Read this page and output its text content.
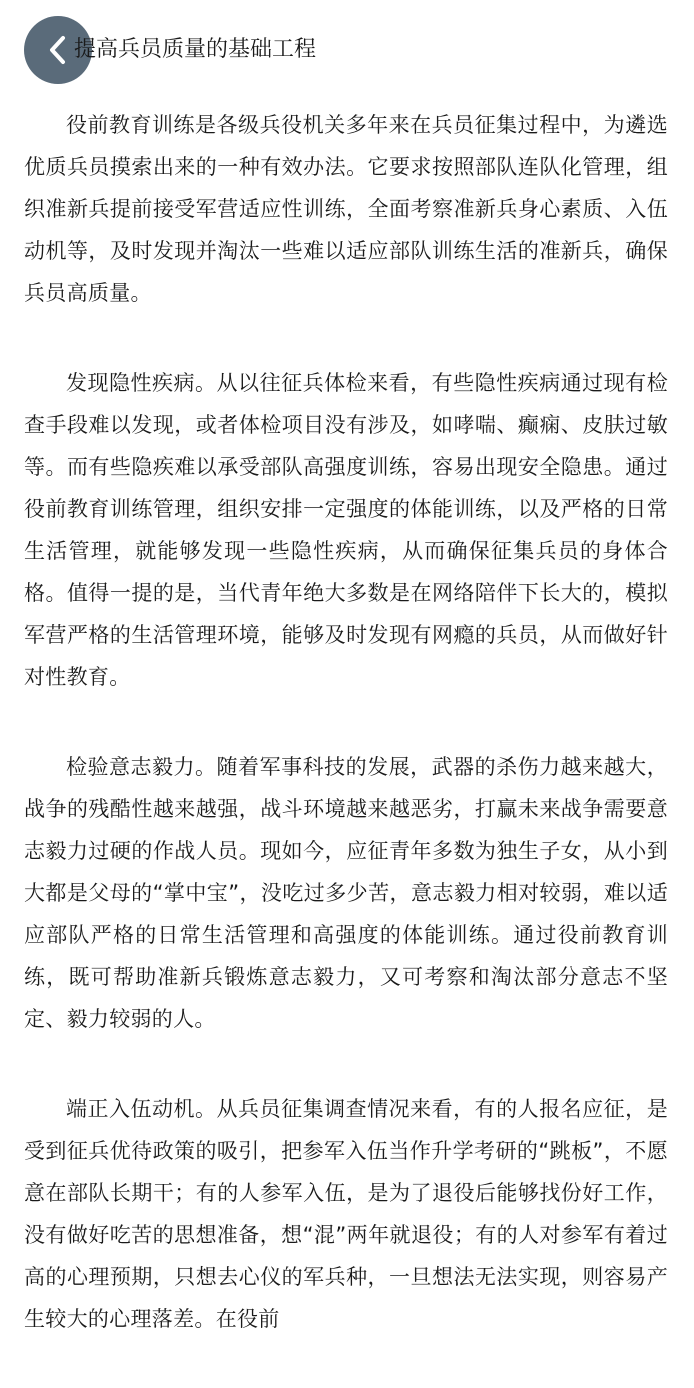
提高兵员质量的基础工程

役前教育训练是各级兵役机关多年来在兵员征集过程中，为遴选优质兵员摸索出来的一种有效办法。它要求按照部队连队化管理，组织准新兵提前接受军营适应性训练，全面考察准新兵身心素质、入伍动机等，及时发现并淘汰一些难以适应部队训练生活的准新兵，确保兵员高质量。

发现隐性疾病。从以往征兵体检来看，有些隐性疾病通过现有检查手段难以发现，或者体检项目没有涉及，如哮喘、癫痫、皮肤过敏等。而有些隐疾难以承受部队高强度训练，容易出现安全隐患。通过役前教育训练管理，组织安排一定强度的体能训练，以及严格的日常生活管理，就能够发现一些隐性疾病，从而确保征集兵员的身体合格。值得一提的是，当代青年绝大多数是在网络陪伴下长大的，模拟军营严格的生活管理环境，能够及时发现有网瘾的兵员，从而做好针对性教育。

检验意志毅力。随着军事科技的发展，武器的杀伤力越来越大，战争的残酷性越来越强，战斗环境越来越恶劣，打赢未来战争需要意志毅力过硬的作战人员。现如今，应征青年多数为独生子女，从小到大都是父母的“掌中宝”，没吃过多少苦，意志毅力相对较弱，难以适应部队严格的日常生活管理和高强度的体能训练。通过役前教育训练，既可帮助准新兵锻炼意志毅力，又可考察和淘汰部分意志不坚定、毅力较弱的人。

端正入伍动机。从兵员征集调查情况来看，有的人报名应征，是受到征兵优待政策的吸引，把参军入伍当作升学考研的“跳板”，不愿意在部队长期干；有的人参军入伍，是为了退役后能够找份好工作，没有做好吃苦的思想准备，想“混”两年就退役；有的人对参军有着过高的心理预期，只想去心仪的军兵种，一旦想法无法实现，则容易产生较大的心理落差。在役前
